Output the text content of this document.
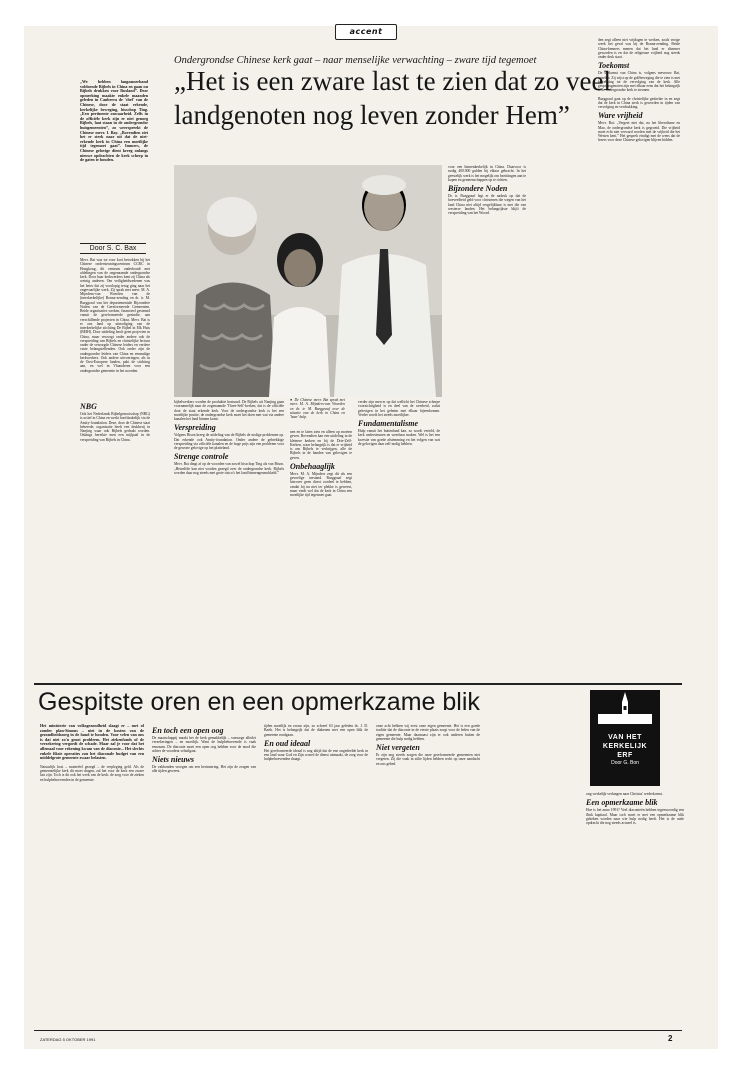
accent
Ondergrondse Chinese kerk gaat – naar menselijke verwachting – zware tijd tegemoet
„Het is een zware last te zien dat zo veel
landgenoten nog leven zonder Hem”
„We hebben langzamerhand voldoende Bijbels in China en gaan nu Bijbels drukken voor Rusland”. Deze opmerking maakte enkele maanden geleden in Canberra de 'chef' van de Chinese, door de staat erkende, kerkelijke beweging, bisschop Ting. „Een pertinente onwaarheid. Zelfs in de officiële kerk zijn er niet genoeg Bijbels, laat staan in de ondergrondse huisgemeenten”, zo weerspreekt de Chinese mevr. I. Bay. „Bovendien ziet het er sterk naar uit dat de niet-erkende kerk in China een moeilijke tijd tegemoet gaat”. Immers, de Chinese gelovige dient kreeg onlangs nieuwe opdrachten de kerk scherp in de gaten te houden.
Door S. C. Bax
Mevr. Bai was tot voor kort betrokken bij het Chinese ondersteuningscentrum CCRC in Hongkong, dit centrum onderhoudt met afdelingen van de ongenaamde ondergrondse kerk. Door haar kerkwerkers kent zij China als weinig anderen. Om veiligheidsredenen was het beter dat zij voorlopig terug ging naar het ongevaarlijke werk. Zij sprak met mevr. M. A. Mijndens-van Woerden van de (interkerkelijke) Bonna-zending en dr. ir. M. Burggraaf van het departementale Bijzondere Noden van de Gereformeerde Gemeenten. Beide organisaties werken, financieel gesteund vanuit de gereformeerde gezindte, aan verschillende projecten in China. Mevr. Bai is er ons land op uitnodiging van de interkerkelijke stichting De Bijbel in Elk Huis (BEIH). Door uitdeling beoft geen projecten in China, maar verzorgt onder andere ook de verspreiding van Bijbels en christelijke lectuur onder de verzorgde Chinese leiders en verdere vaste belangstellenden. Ook onder zijn de ondergrondse leiders van China en eenmalige kerkwerkers. Ook andere uitvoeringen, als in de Oost-Europese landen, pakt de stichting aan, en wel in Vlaanderen voor een ondergrondse gemeente in het noorden.
NBG
Ook het Nederlands Bijbelgenootschap (NBG) is actief in China en werkt hoofdzakelijk via de Amity-foundation. Deze, door de Chinese staat beheerde, organisatie heeft een drukkerij in Nanjing waar ook Bijbels gedrukt worden. Onlangs bereikte men een mijlpaal in de verspreiding van Bijbels in China.
● De Chinese mevr. Bai sprak met mevr. M. A. Mijnders-van Woerden en dr. ir. M. Burggraaf over de situatie van de kerk in China en 'haar' hulp.
bijbelwerkers worden de produktie bestuurd. De Bijbels uit Nanjing gaan voornamelijk naar de zogenaamde 'Three-Self'-kerken, dat is de officiële door de staat erkende kerk. Voor de ondergrondse kerk is het een moeilijke positie, de ondergrondse kerk moet het doen met wat via andere kanalen het land binnen komt.
Verspreiding
Volgens Bison kreeg de uitdeling van de Bijbels de nodige problemen op. Dat erkende ook Amity-foundation. Onder andere de gebrekkige verspreiding via officiële kanalen en de hoge prijs zijn een probleem voor de gewone gelovige op het platteland.
Strenge controle
Mevr. Bai dingt af op de woorden van zowel bisschop Ting als van Bison. „Hetzelfde kan niet worden gezegd over de ondergrondse kerk. Bijbels worden daar nog steeds met grote risico's het land binnengesmokkeld.”
nen en te laten zien en alleen op moeten geven. Bovendien kan een uitdeling in de kleinere kerken en bij de Drie-Zelf-Kerken, waar belangrijk is dat er vrijheid is om Bijbels te verkrijgen, alle de Bijbels in de handen van gelovigen te geven.
Onbehaaglijk
Mevr. M. A. Mijnders zegt dit als een gevoelige toestand. Burggraaf zegt hierover geen direct oordeel te hebben, omdat hij nu niet ter plekke is geweest, maar vindt wel dat de kerk in China een moeilijke tijd tegemoet gaat.
verder zijn men er op dat wellicht het Chinese scherpe voorzichtigheid is en deel van de overheid, zodat gelovigen in het geheim met elkaar bijeenkomen. Verder wordt het steeds moeilijker.
Fundamentalisme
Hulp vanuit het buitenland kan, zo wordt verteld, de kerk ondersteunen en weerbaar maken. Wel is het een kwestie van goede afstemming en het volgen van wat de gelovigen daar zelf nodig hebben.
voor een binnenkerkelijk in China. Daarvoor is nodig 400.000 gulden bij elkaar gebracht. In het geestelijk werk is het mogelijk om bezittingen aan te kopen en gemeenschappen op te richten.
Bijzondere Noden
Dr. ir. Burggraaf legt er de nadruk op dat de hoeveelheid geld voor christenen die wegen van het land China niet altijd vergelijkbaar is met die van westerse landen. Het belangrijkste blijft de verspreiding van het Woord.
den zegt alleen niet vrijdagen te werken, zoals vorige week het geval was bij de Bonna-zending. Beide China-kenners menen dat het land er slimmer geworden is en dat de religieuze vrijheid nog steeds onder druk staat.
Toekomst
De toekomst van China is, volgens mevrouw Bai, onzeker. Zij wijst op de golfbeweging die te zien is met betrekking tot de vervolging van de kerk. Alle gespreksgenoten zijn met elkaar eens dat het belangrijk is de ondergrondse kerk te steunen.
Burggraaf gaat op de christelijke gedachte in en zegt dat de kerk in China sterk is geworden in tijden van vervolging en verdrukking.
Ware vrijheid
Mevr. Bai: „Vergeet niet dat, na het liberalisme en Mao, de ondergrondse kerk is gegroeid. Die vrijheid moet echt niet verward worden met de vrijheid die het Westen kent.” Het gesprek eindigt met de wens dat de lezers voor deze Chinese gelovigen blijven bidden.
Gespitste oren en een opmerkzame blik
Het ministerie van volksgezondheid slaagt er – met of zonder plan-Simons – niet in de kosten van de gezondheidszorg in de hand te houden. Voor velen van ons is dat niet zo'n groot probleem. Het ziekenfonds of de verzekering vergoedt de schade. Maar zal je voor dat het allemaal voor rekening kwam van de diaconie... Het slechts enkele fiksie operaties zou het diaconale budget van een middelgrote gemeente zwaar belasten.
Natuurlijk kost – materiëel gezegd – de verpleging geld. Als de gemeentelijke kerk dit moet dragen, zal het voor de kerk een zware last zijn. Toch is dit ook het werk van de kerk: de zorg voor de zieken en hulpbehoevenden in de gemeente.
En toch een open oog
De maatschappij maakt het de kerk gemakkelijk – vanwege allerlei verzekeringen – en moeilijk. Want de hulpbehoevende is vaak eenzaam. De diaconie moet een open oog hebben voor de nood die achter de voordeur schuilgaat.
Niets nieuws
De vakbonden vroegen om een herinnering. Het zijn de zorgen van alle tijden geweest.
tijden moeilijk en zwaar zijn, zo schreef 63 jaar geleden ds. J. D. Barth. Het is belangrijk dat de diakenen met een open blik de gemeente rondgaan.
En oud ideaal
Het gereformeerde ideaal is nog altijd dat de ene ongedeelde kerk in een land waar God en Zijn woord de dienst uitmaakt, de zorg voor de hulpbehoevenden draagt.
onze acht hebben wij eerst onze eigen gemeente. Het is een goede traditie dat de diaconie in de eerste plaats zorgt voor de leden van de eigen gemeente. Maar daarnaast zijn er ook anderen buiten de gemeente die hulp nodig hebben.
Niet vergeten
Er zijn nog steeds zorgen die onze gereformeerde gemeenten niet vergeten. Zij die vaak in stilte lijden hebben recht op onze aandacht en ons gebed.
VAN HET
KERKELIJK
ERF
Door G. Bon
ong werkelijk verlangen naar Christus' wederkomst.
Een opmerkzame blik
Hoe is het anno 1991? Veel diaconieën hebben tegenwoordig een flink kapitaal. Maar toch moet er met een opmerkzame blik gekeken worden naar wie hulp nodig heeft. Het is de oude opdracht die nog steeds actueel is.
ZATERDAG 5 OKTOBER 1991	2
